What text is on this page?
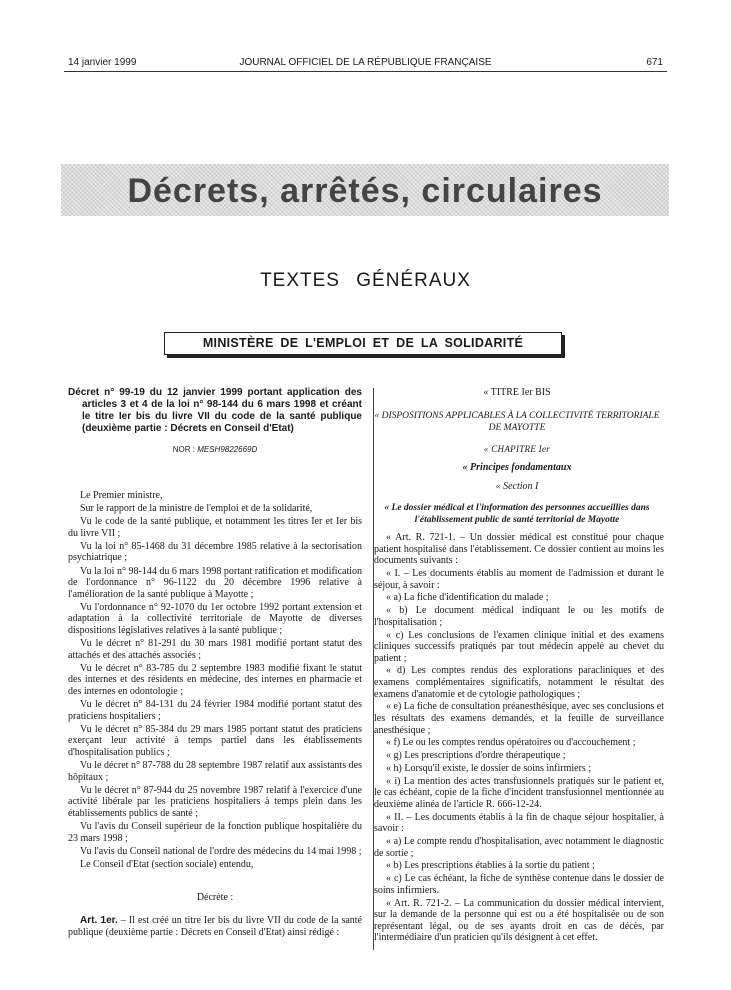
14 janvier 1999	JOURNAL OFFICIEL DE LA RÉPUBLIQUE FRANÇAISE	671
Décrets, arrêtés, circulaires
TEXTES GÉNÉRAUX
MINISTÈRE DE L'EMPLOI ET DE LA SOLIDARITÉ

Décret n° 99-19 du 12 janvier 1999 portant application des articles 3 et 4 de la loi n° 98-144 du 6 mars 1998 et créant le titre Ier bis du livre VII du code de la santé publique (deuxième partie : Décrets en Conseil d'Etat)

NOR : MESH9822669D

Le Premier ministre,

Sur le rapport de la ministre de l'emploi et de la solidarité,

Vu le code de la santé publique, et notamment les titres Ier et Ier bis du livre VII ;

Vu la loi n° 85-1468 du 31 décembre 1985 relative à la sectorisation psychiatrique ;

Vu la loi n° 98-144 du 6 mars 1998 portant ratification et modification de l'ordonnance n° 96-1122 du 20 décembre 1996 relative à l'amélioration de la santé publique à Mayotte ;

Vu l'ordonnance n° 92-1070 du 1er octobre 1992 portant extension et adaptation à la collectivité territoriale de Mayotte de diverses dispositions législatives relatives à la santé publique ;

Vu le décret n° 81-291 du 30 mars 1981 modifié portant statut des attachés et des attachés associés ;

Vu le décret n° 83-785 du 2 septembre 1983 modifié fixant le statut des internes et des résidents en médecine, des internes en pharmacie et des internes en odontologie ;

Vu le décret n° 84-131 du 24 février 1984 modifié portant statut des praticiens hospitaliers ;

Vu le décret n° 85-384 du 29 mars 1985 portant statut des praticiens exerçant leur activité à temps partiel dans les établissements d'hospitalisation publics ;

Vu le décret n° 87-788 du 28 septembre 1987 relatif aux assistants des hôpitaux ;

Vu le décret n° 87-944 du 25 novembre 1987 relatif à l'exercice d'une activité libérale par les praticiens hospitaliers à temps plein dans les établissements publics de santé ;

Vu l'avis du Conseil supérieur de la fonction publique hospitalière du 23 mars 1998 ;

Vu l'avis du Conseil national de l'ordre des médecins du 14 mai 1998 ;

Le Conseil d'Etat (section sociale) entendu,

Décrète :

Art. 1er. – Il est créé un titre Ier bis du livre VII du code de la santé publique (deuxième partie : Décrets en Conseil d'Etat) ainsi rédigé :

« TITRE Ier BIS
« DISPOSITIONS APPLICABLES À LA COLLECTIVITÉ TERRITORIALE DE MAYOTTE
« CHAPITRE Ier
« Principes fondamentaux
« Section I
« Le dossier médical et l'information des personnes accueillies dans l'établissement public de santé territorial de Mayotte

« Art. R. 721-1. – Un dossier médical est constitué pour chaque patient hospitalisé dans l'établissement. Ce dossier contient au moins les documents suivants :

« I. – Les documents établis au moment de l'admission et durant le séjour, à savoir :

« a) La fiche d'identification du malade ;

« b) Le document médical indiquant le ou les motifs de l'hospitalisation ;

« c) Les conclusions de l'examen clinique initial et des examens cliniques successifs pratiqués par tout médecin appelé au chevet du patient ;

« d) Les comptes rendus des explorations paracliniques et des examens complémentaires significatifs, notamment le résultat des examens d'anatomie et de cytologie pathologiques ;

« e) La fiche de consultation préanesthésique, avec ses conclusions et les résultats des examens demandés, et la feuille de surveillance anesthésique ;

« f) Le ou les comptes rendus opératoires ou d'accouchement ;

« g) Les prescriptions d'ordre thérapeutique ;

« h) Lorsqu'il existe, le dossier de soins infirmiers ;

« i) La mention des actes transfusionnels pratiqués sur le patient et, le cas échéant, copie de la fiche d'incident transfusionnel mentionnée au deuxième alinéa de l'article R. 666-12-24.

« II. – Les documents établis à la fin de chaque séjour hospitalier, à savoir :

« a) Le compte rendu d'hospitalisation, avec notamment le diagnostic de sortie ;

« b) Les prescriptions établies à la sortie du patient ;

« c) Le cas échéant, la fiche de synthèse contenue dans le dossier de soins infirmiers.

« Art. R. 721-2. – La communication du dossier médical intervient, sur la demande de la personne qui est ou a été hospitalisée ou de son représentant légal, ou de ses ayants droit en cas de décès, par l'intermédiaire d'un praticien qu'ils désignent à cet effet.
